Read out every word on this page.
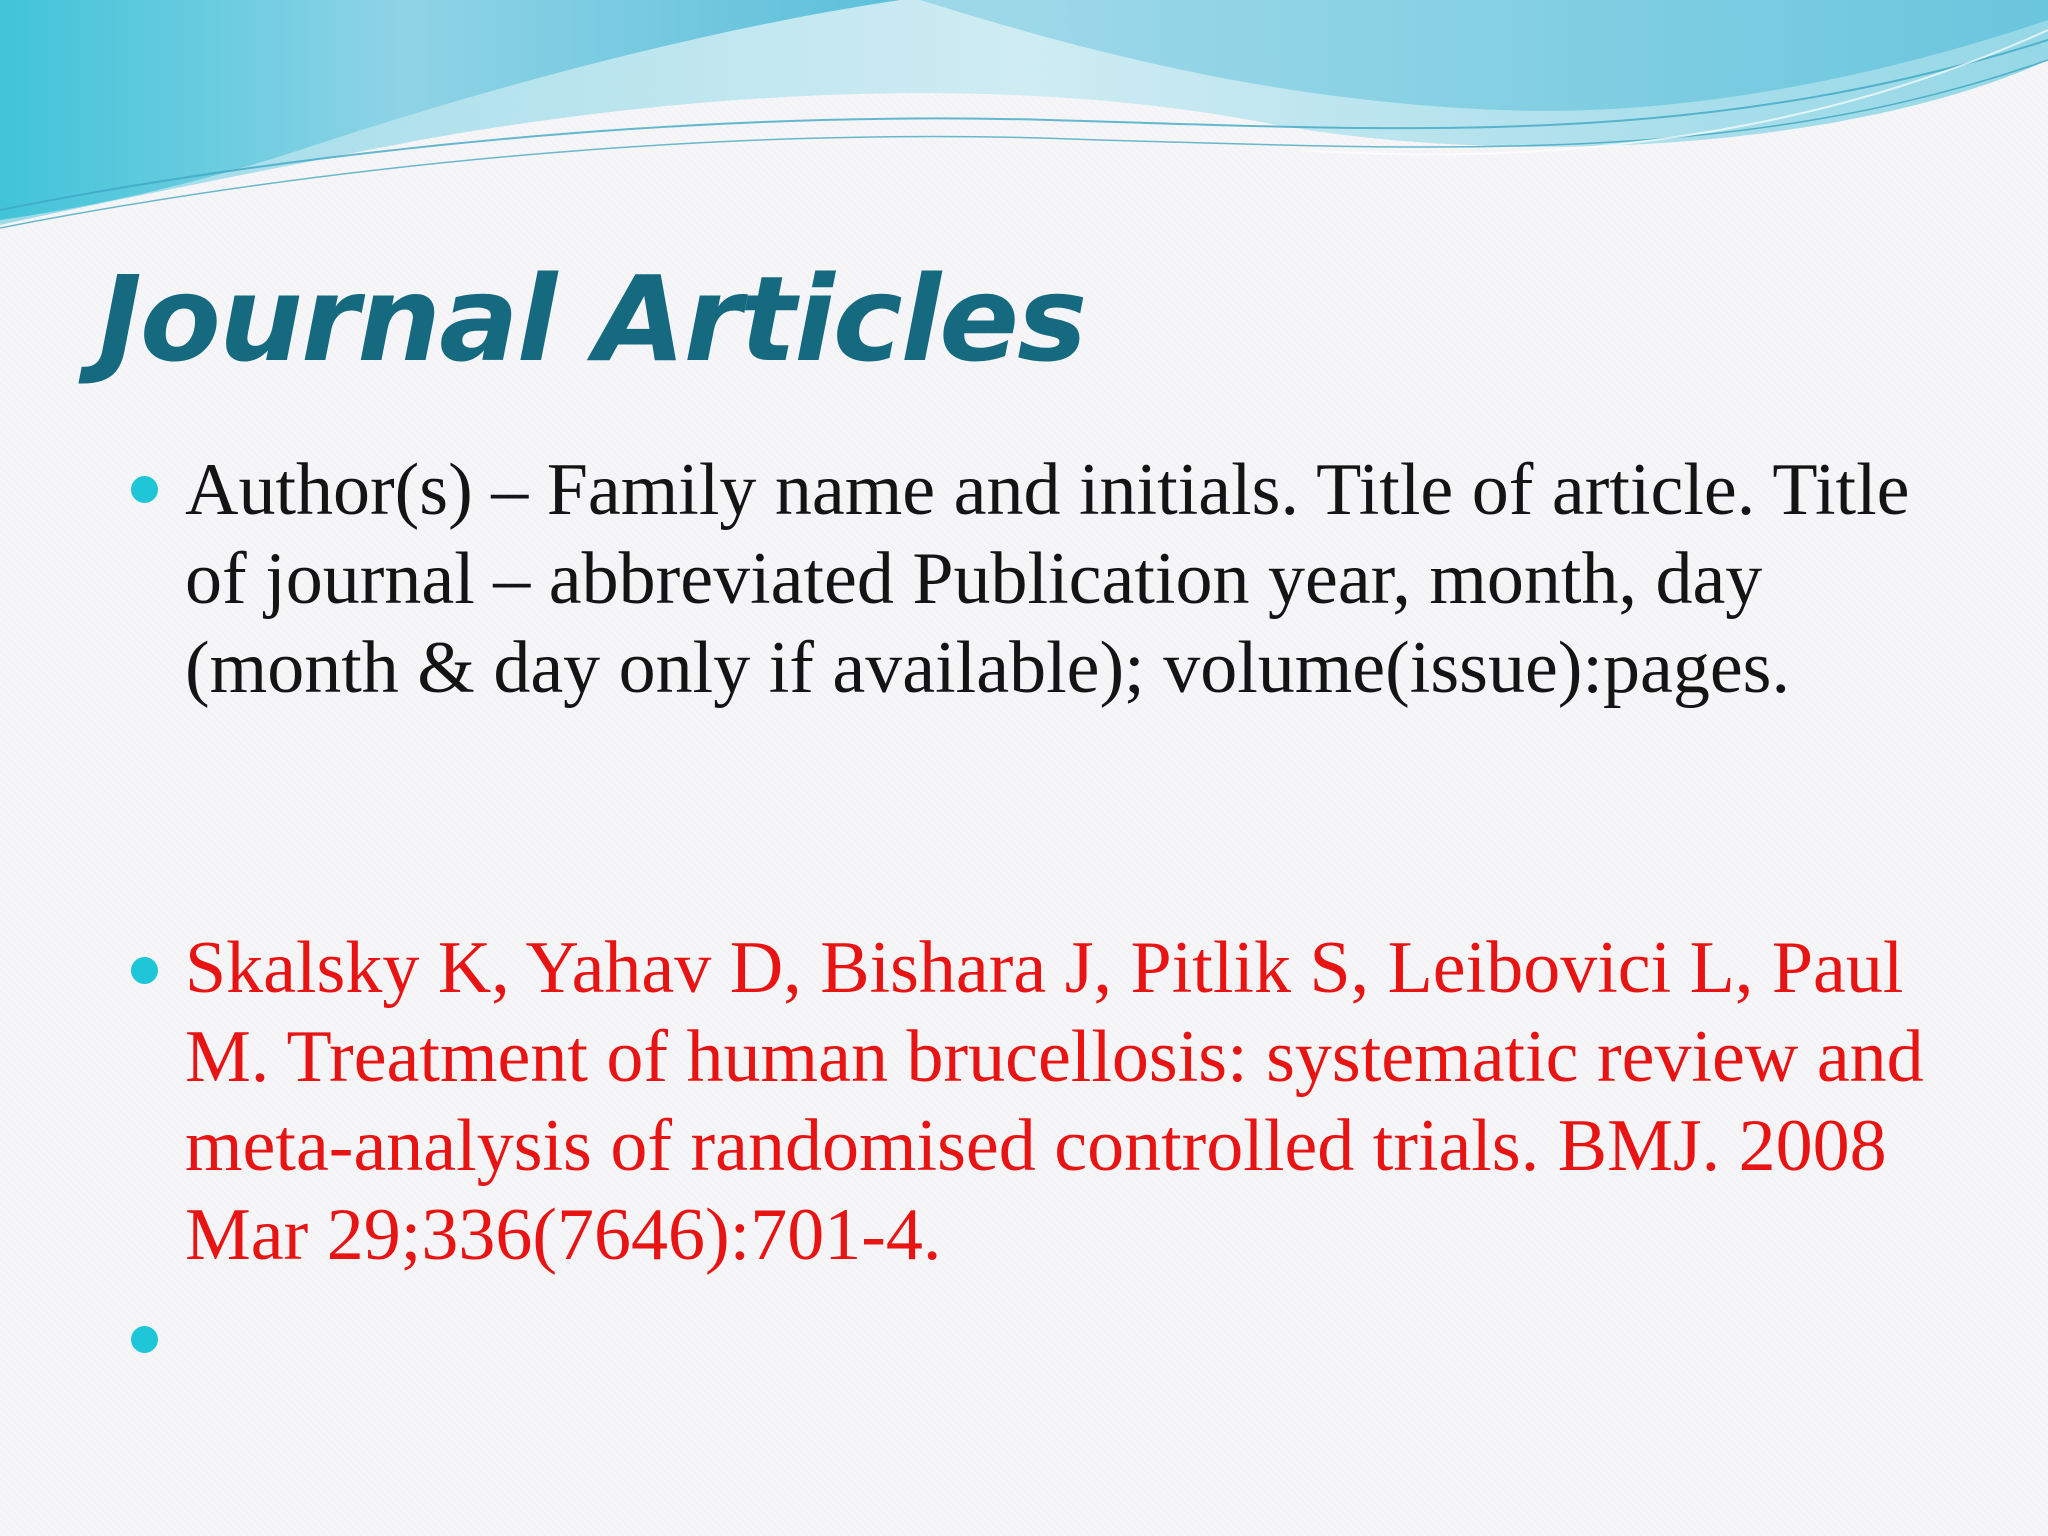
Journal Articles
Author(s) – Family name and initials. Title of article. Title of journal – abbreviated Publication year, month, day (month & day only if available); volume(issue):pages.
Skalsky K, Yahav D, Bishara J, Pitlik S, Leibovici L, Paul M. Treatment of human brucellosis: systematic review and meta-analysis of randomised controlled trials. BMJ. 2008 Mar 29;336(7646):701-4.
